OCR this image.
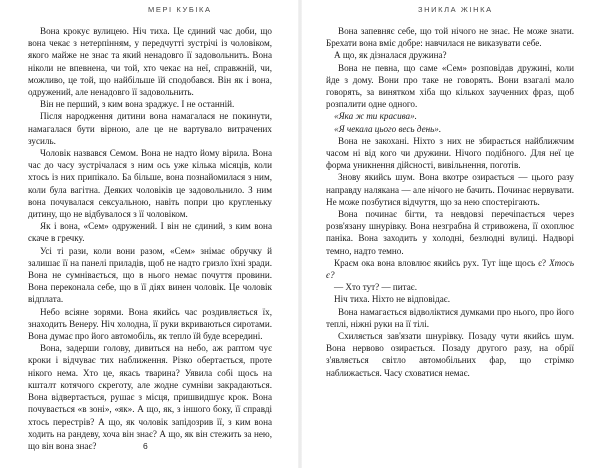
МЕРІ КУБІКА

Вона крокує вулицею. Ніч тиха. Це єдиний час доби, що вона чекає з нетерпінням, у передчутті зустрічі із чоловіком, якого майже не знає та який ненадовго її задовольнить. Вона ніколи не впевнена, чи той, хто чекає на неї, справжній, чи, можливо, це той, що найбільше їй сподобався. Він як і вона, одружений, але ненадовго її задовольнить.

Він не перший, з ким вона зраджує. І не останній.

Після народження дитини вона намагалася не покинути, намагалася бути вірною, але це не вартувало витрачених зусиль.

Чоловік назвався Семом. Вона не надто йому вірила. Вона час до часу зустрічалася з ним ось уже кілька місяців, коли хтось із них припікало. Ба більше, вона познайомилася з ним, коли була вагітна. Деяких чоловіків це задовольнило. З ним вона почувалася сексуальною, навіть попри цю кругленьку дитину, що не відбувалося з її чоловіком.

Як і вона, «Сем» одружений. І він не єдиний, з ким вона скаче в гречку.

Усі ті рази, коли вони разом, «Сем» знімає обручку й залишає її на панелі приладів, щоб не надто гризло їхні зради. Вона не сумнівається, що в нього немає почуття провини. Вона переконала себе, що в її діях винен чоловік. Це чоловік відплата.

Небо всіяне зорями. Вона якийсь час роздивляється їх, знаходить Венеру. Ніч холодна, її руки вкриваються сиротами. Вона думає про його автомобіль, як тепло їй буде всередині.

Вона, задерши голову, дивиться на небо, аж раптом чує кроки і відчуває тих наближення. Різко обертається, проте нікого нема. Хто це, якась тварина? Уявила собі щось на кшталт котячого скреготу, але жодне сумніви закрадаються. Вона відвертається, рушає з місця, пришвидшує крок. Вона почувається «в зоні», «як». А що, як, з іншого боку, її справді хтось перестрів? А що, як чоловік запідозрив її, з ким вона ходить на рандеву, хоча він знає? А що, як він стежить за нею, що він вона знає?	6
ЗНИКЛА ЖІНКА

Вона запевняє себе, що той нічого не знає. Не може знати. Брехати вона вміє добре: навчилася не виказувати себе.

А що, як дізналася дружина?

Вона не певна, що саме «Сем» розповідав дружині, коли йде з дому. Вони про таке не говорять. Вони взагалі мало говорять, за винятком хіба що кількох заученних фраз, щоб розпалити одне одного.

«Яка ж ти красива».

«Я чекала цього весь день».

Вона не закохані. Ніхто з них не збирається найближчим часом ні від кого чи дружини. Нічого подібного. Для неї це форма уникнення дійсності, вивільнення, поготів.

Знову якийсь шум. Вона вкотре озирається — цього разу направду налякана — але нічого не бачить. Починає нервувати. Не може позбутися відчуття, що за нею спостерігають.

Вона починає бігти, та невдовзі перечіпається через розв'язану шнурівку. Вона незграбна й стривожена, її охоплює паніка. Вона заходить у холодні, безлюдні вулиці. Надворі темно, надто темно.

Краєм ока вона вловлює якийсь рух. Тут іще щось є? Хтось є?

— Хто тут? — питає.

Ніч тиха. Ніхто не відповідає.

Вона намагається відволіктися думками про нього, про його теплі, ніжні руки на її тілі.

Схиляється зав'язати шнурівку. Позаду чути якийсь шум. Вона нервово озирається. Позаду другого разу, на обрії з'являється світло автомобільних фар, що стрімко наближається. Часу сховатися немає.
